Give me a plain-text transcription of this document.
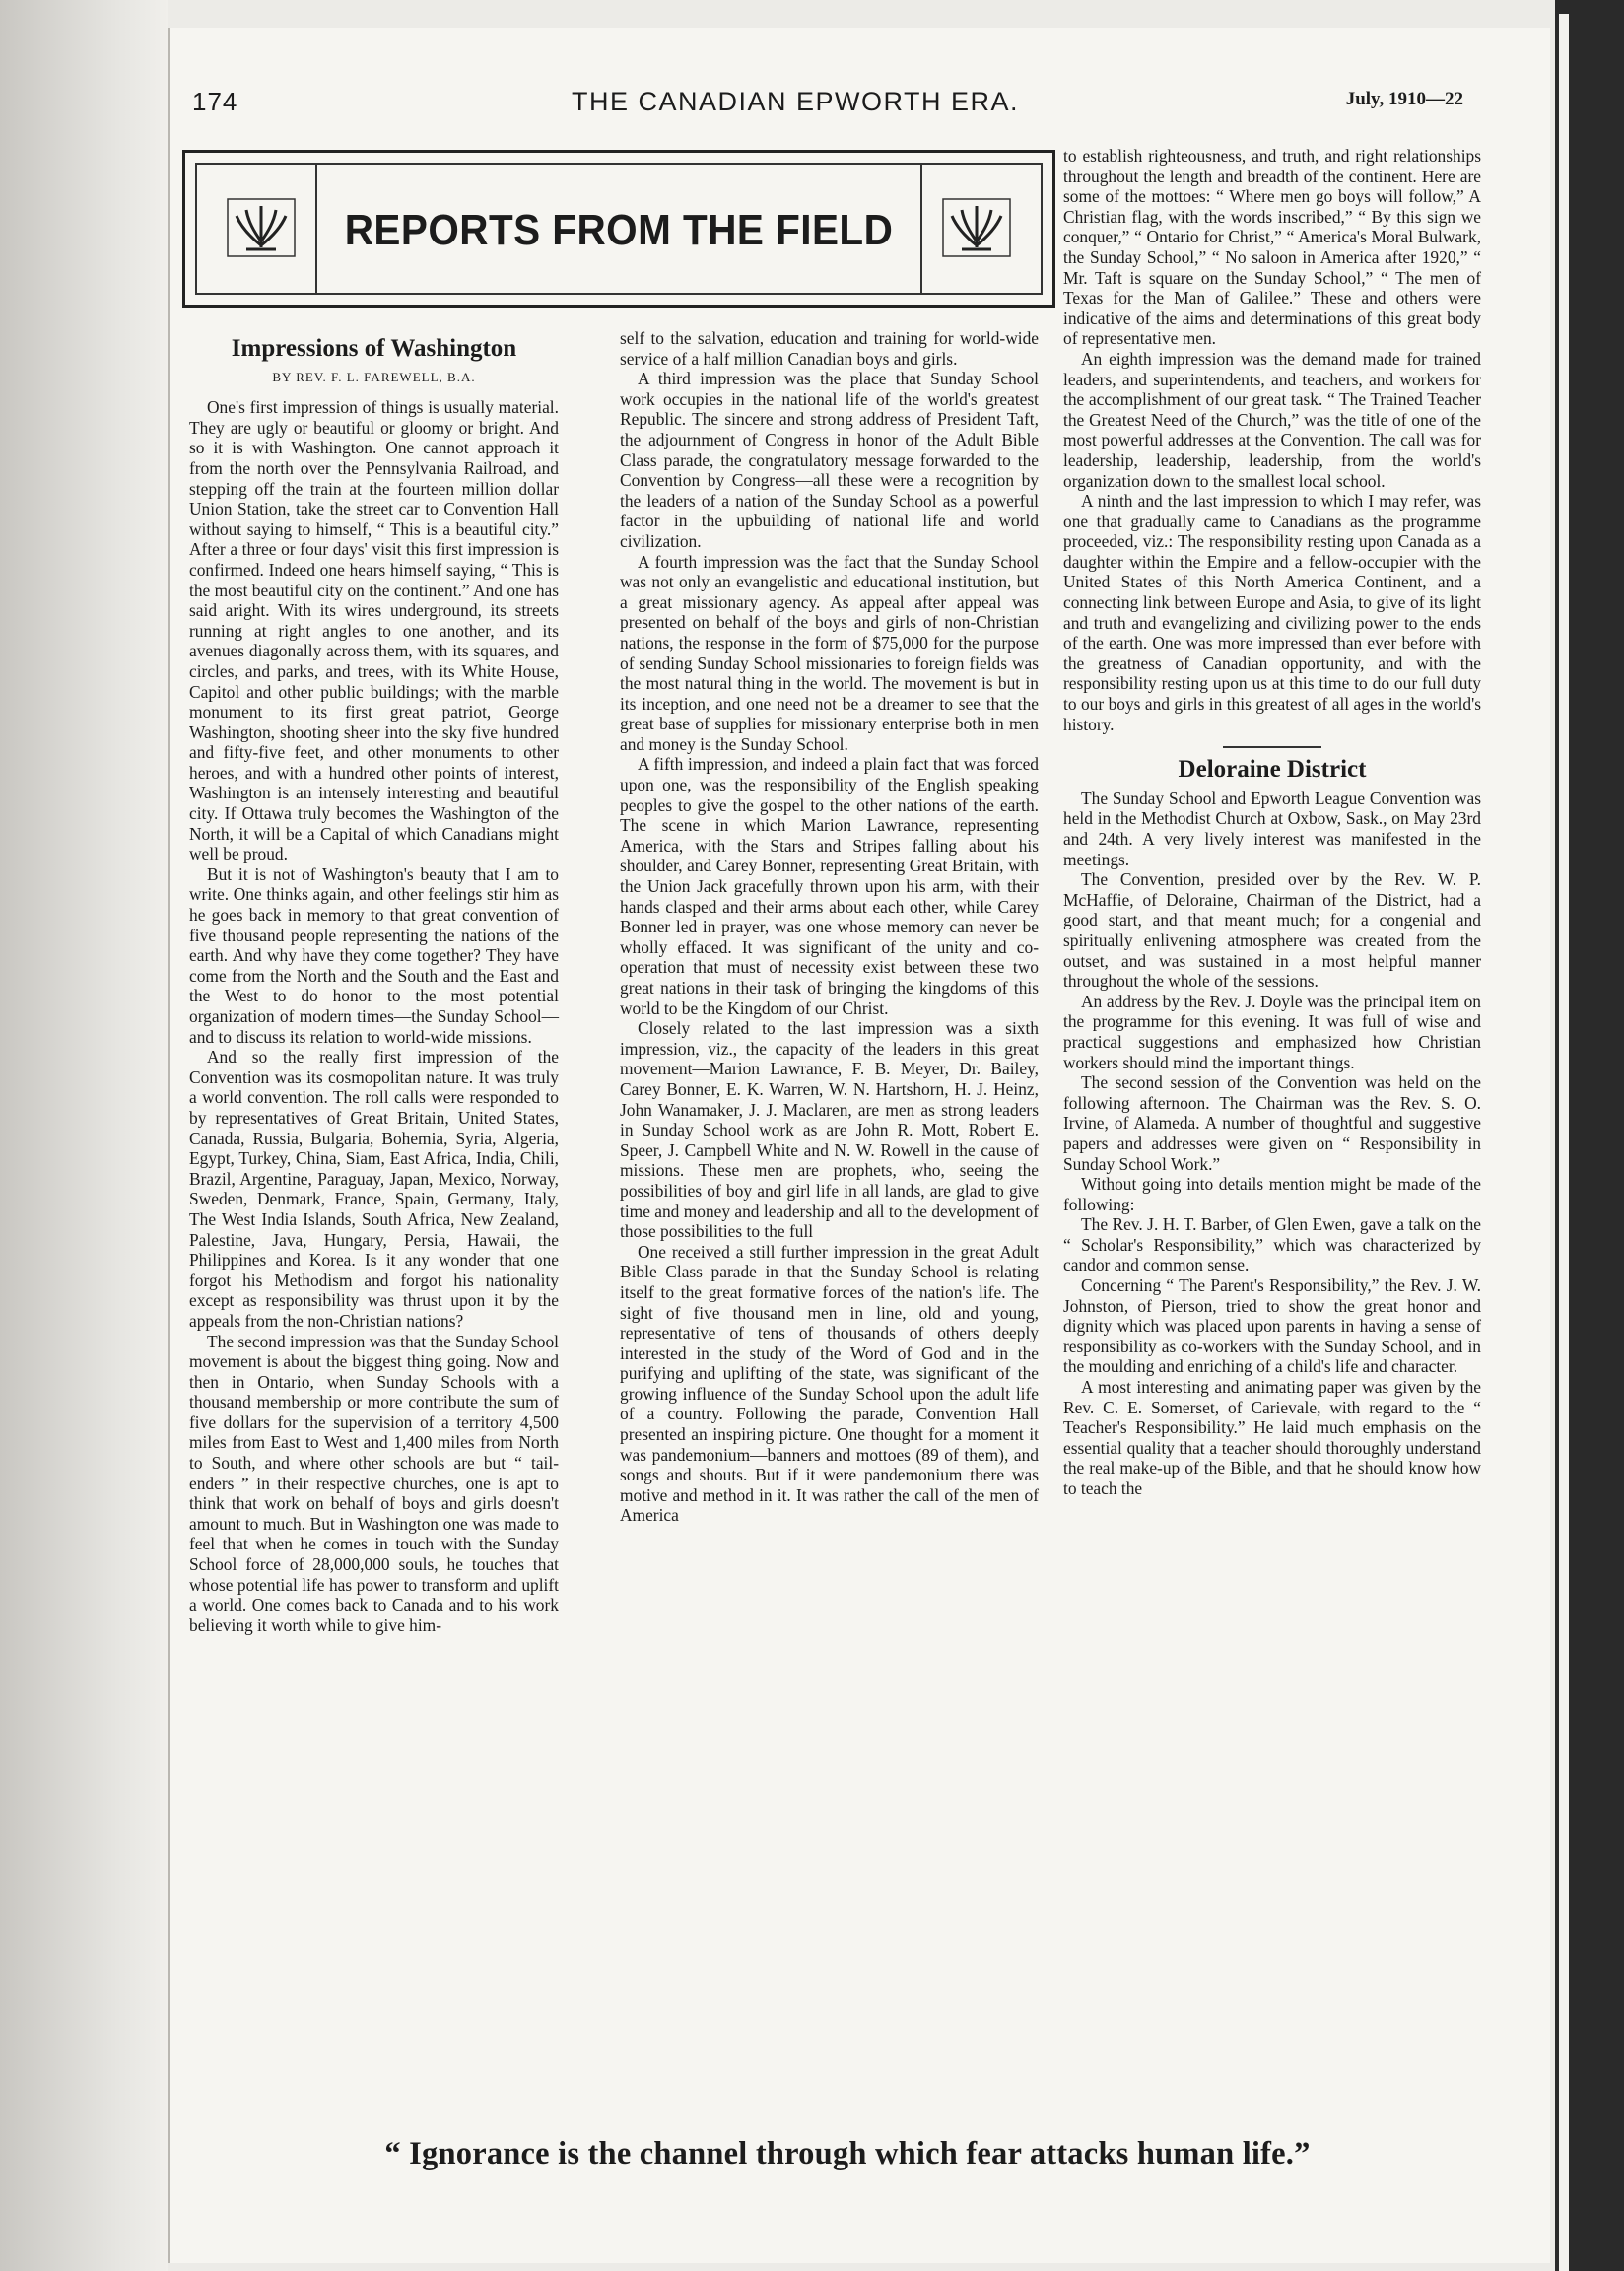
174	THE CANADIAN EPWORTH ERA.	July, 1910—22
REPORTS FROM THE FIELD
Impressions of Washington
BY REV. F. L. FAREWELL, B.A.

One's first impression of things is usually material. They are ugly or beautiful or gloomy or bright. And so it is with Washington. One cannot approach it from the north over the Pennsylvania Railroad, and stepping off the train at the fourteen million dollar Union Station, take the street car to Convention Hall without saying to himself, “ This is a beautiful city.” After a three or four days' visit this first impression is confirmed. Indeed one hears himself saying, “ This is the most beautiful city on the continent.” And one has said aright. With its wires underground, its streets running at right angles to one another, and its avenues diagonally across them, with its squares, and circles, and parks, and trees, with its White House, Capitol and other public buildings; with the marble monument to its first great patriot, George Washington, shooting sheer into the sky five hundred and fifty-five feet, and other monuments to other heroes, and with a hundred other points of interest, Washington is an intensely interesting and beautiful city. If Ottawa truly becomes the Washington of the North, it will be a Capital of which Canadians might well be proud.

But it is not of Washington's beauty that I am to write. One thinks again, and other feelings stir him as he goes back in memory to that great convention of five thousand people representing the nations of the earth. And why have they come together? They have come from the North and the South and the East and the West to do honor to the most potential organization of modern times—the Sunday School—and to discuss its relation to world-wide missions.

And so the really first impression of the Convention was its cosmopolitan nature. It was truly a world convention. The roll calls were responded to by representatives of Great Britain, United States, Canada, Russia, Bulgaria, Bohemia, Syria, Algeria, Egypt, Turkey, China, Siam, East Africa, India, Chili, Brazil, Argentine, Paraguay, Japan, Mexico, Norway, Sweden, Denmark, France, Spain, Germany, Italy, The West India Islands, South Africa, New Zealand, Palestine, Java, Hungary, Persia, Hawaii, the Philippines and Korea. Is it any wonder that one forgot his Methodism and forgot his nationality except as responsibility was thrust upon it by the appeals from the non-Christian nations?

The second impression was that the Sunday School movement is about the biggest thing going. Now and then in Ontario, when Sunday Schools with a thousand membership or more contribute the sum of five dollars for the supervision of a territory 4,500 miles from East to West and 1,400 miles from North to South, and where other schools are but “ tail-enders ” in their respective churches, one is apt to think that work on behalf of boys and girls doesn't amount to much. But in Washington one was made to feel that when he comes in touch with the Sunday School force of 28,000,000 souls, he touches that whose potential life has power to transform and uplift a world. One comes back to Canada and to his work believing it worth while to give him-

self to the salvation, education and training for world-wide service of a half million Canadian boys and girls.

A third impression was the place that Sunday School work occupies in the national life of the world's greatest Republic. The sincere and strong address of President Taft, the adjournment of Congress in honor of the Adult Bible Class parade, the congratulatory message forwarded to the Convention by Congress—all these were a recognition by the leaders of a nation of the Sunday School as a powerful factor in the upbuilding of national life and world civilization.

A fourth impression was the fact that the Sunday School was not only an evangelistic and educational institution, but a great missionary agency. As appeal after appeal was presented on behalf of the boys and girls of non-Christian nations, the response in the form of $75,000 for the purpose of sending Sunday School missionaries to foreign fields was the most natural thing in the world. The movement is but in its inception, and one need not be a dreamer to see that the great base of supplies for missionary enterprise both in men and money is the Sunday School.

A fifth impression, and indeed a plain fact that was forced upon one, was the responsibility of the English speaking peoples to give the gospel to the other nations of the earth. The scene in which Marion Lawrance, representing America, with the Stars and Stripes falling about his shoulder, and Carey Bonner, representing Great Britain, with the Union Jack gracefully thrown upon his arm, with their hands clasped and their arms about each other, while Carey Bonner led in prayer, was one whose memory can never be wholly effaced. It was significant of the unity and co-operation that must of necessity exist between these two great nations in their task of bringing the kingdoms of this world to be the Kingdom of our Christ.

Closely related to the last impression was a sixth impression, viz., the capacity of the leaders in this great movement—Marion Lawrance, F. B. Meyer, Dr. Bailey, Carey Bonner, E. K. Warren, W. N. Hartshorn, H. J. Heinz, John Wanamaker, J. J. Maclaren, are men as strong leaders in Sunday School work as are John R. Mott, Robert E. Speer, J. Campbell White and N. W. Rowell in the cause of missions. These men are prophets, who, seeing the possibilities of boy and girl life in all lands, are glad to give time and money and leadership and all to the development of those possibilities to the full

One received a still further impression in the great Adult Bible Class parade in that the Sunday School is relating itself to the great formative forces of the nation's life. The sight of five thousand men in line, old and young, representative of tens of thousands of others deeply interested in the study of the Word of God and in the purifying and uplifting of the state, was significant of the growing influence of the Sunday School upon the adult life of a country. Following the parade, Convention Hall presented an inspiring picture. One thought for a moment it was pandemonium—banners and mottoes (89 of them), and songs and shouts. But if it were pandemonium there was motive and method in it. It was rather the call of the men of America

to establish righteousness, and truth, and right relationships throughout the length and breadth of the continent. Here are some of the mottoes: “ Where men go boys will follow,” A Christian flag, with the words inscribed,” “ By this sign we conquer,” “ Ontario for Christ,” “ America's Moral Bulwark, the Sunday School,” “ No saloon in America after 1920,” “ Mr. Taft is square on the Sunday School,” “ The men of Texas for the Man of Galilee.” These and others were indicative of the aims and determinations of this great body of representative men.

An eighth impression was the demand made for trained leaders, and superintendents, and teachers, and workers for the accomplishment of our great task. “ The Trained Teacher the Greatest Need of the Church,” was the title of one of the most powerful addresses at the Convention. The call was for leadership, leadership, leadership, from the world's organization down to the smallest local school.

A ninth and the last impression to which I may refer, was one that gradually came to Canadians as the programme proceeded, viz.: The responsibility resting upon Canada as a daughter within the Empire and a fellow-occupier with the United States of this North America Continent, and a connecting link between Europe and Asia, to give of its light and truth and evangelizing and civilizing power to the ends of the earth. One was more impressed than ever before with the greatness of Canadian opportunity, and with the responsibility resting upon us at this time to do our full duty to our boys and girls in this greatest of all ages in the world's history.

Deloraine District

The Sunday School and Epworth League Convention was held in the Methodist Church at Oxbow, Sask., on May 23rd and 24th. A very lively interest was manifested in the meetings.

The Convention, presided over by the Rev. W. P. McHaffie, of Deloraine, Chairman of the District, had a good start, and that meant much; for a congenial and spiritually enlivening atmosphere was created from the outset, and was sustained in a most helpful manner throughout the whole of the sessions.

An address by the Rev. J. Doyle was the principal item on the programme for this evening. It was full of wise and practical suggestions and emphasized how Christian workers should mind the important things.

The second session of the Convention was held on the following afternoon. The Chairman was the Rev. S. O. Irvine, of Alameda. A number of thoughtful and suggestive papers and addresses were given on “ Responsibility in Sunday School Work.”

Without going into details mention might be made of the following:

The Rev. J. H. T. Barber, of Glen Ewen, gave a talk on the “ Scholar's Responsibility,” which was characterized by candor and common sense.

Concerning “ The Parent's Responsibility,” the Rev. J. W. Johnston, of Pierson, tried to show the great honor and dignity which was placed upon parents in having a sense of responsibility as co-workers with the Sunday School, and in the moulding and enriching of a child's life and character.

A most interesting and animating paper was given by the Rev. C. E. Somerset, of Carievale, with regard to the “ Teacher's Responsibility.” He laid much emphasis on the essential quality that a teacher should thoroughly understand the real make-up of the Bible, and that he should know how to teach the

“ Ignorance is the channel through which fear attacks human life.”
